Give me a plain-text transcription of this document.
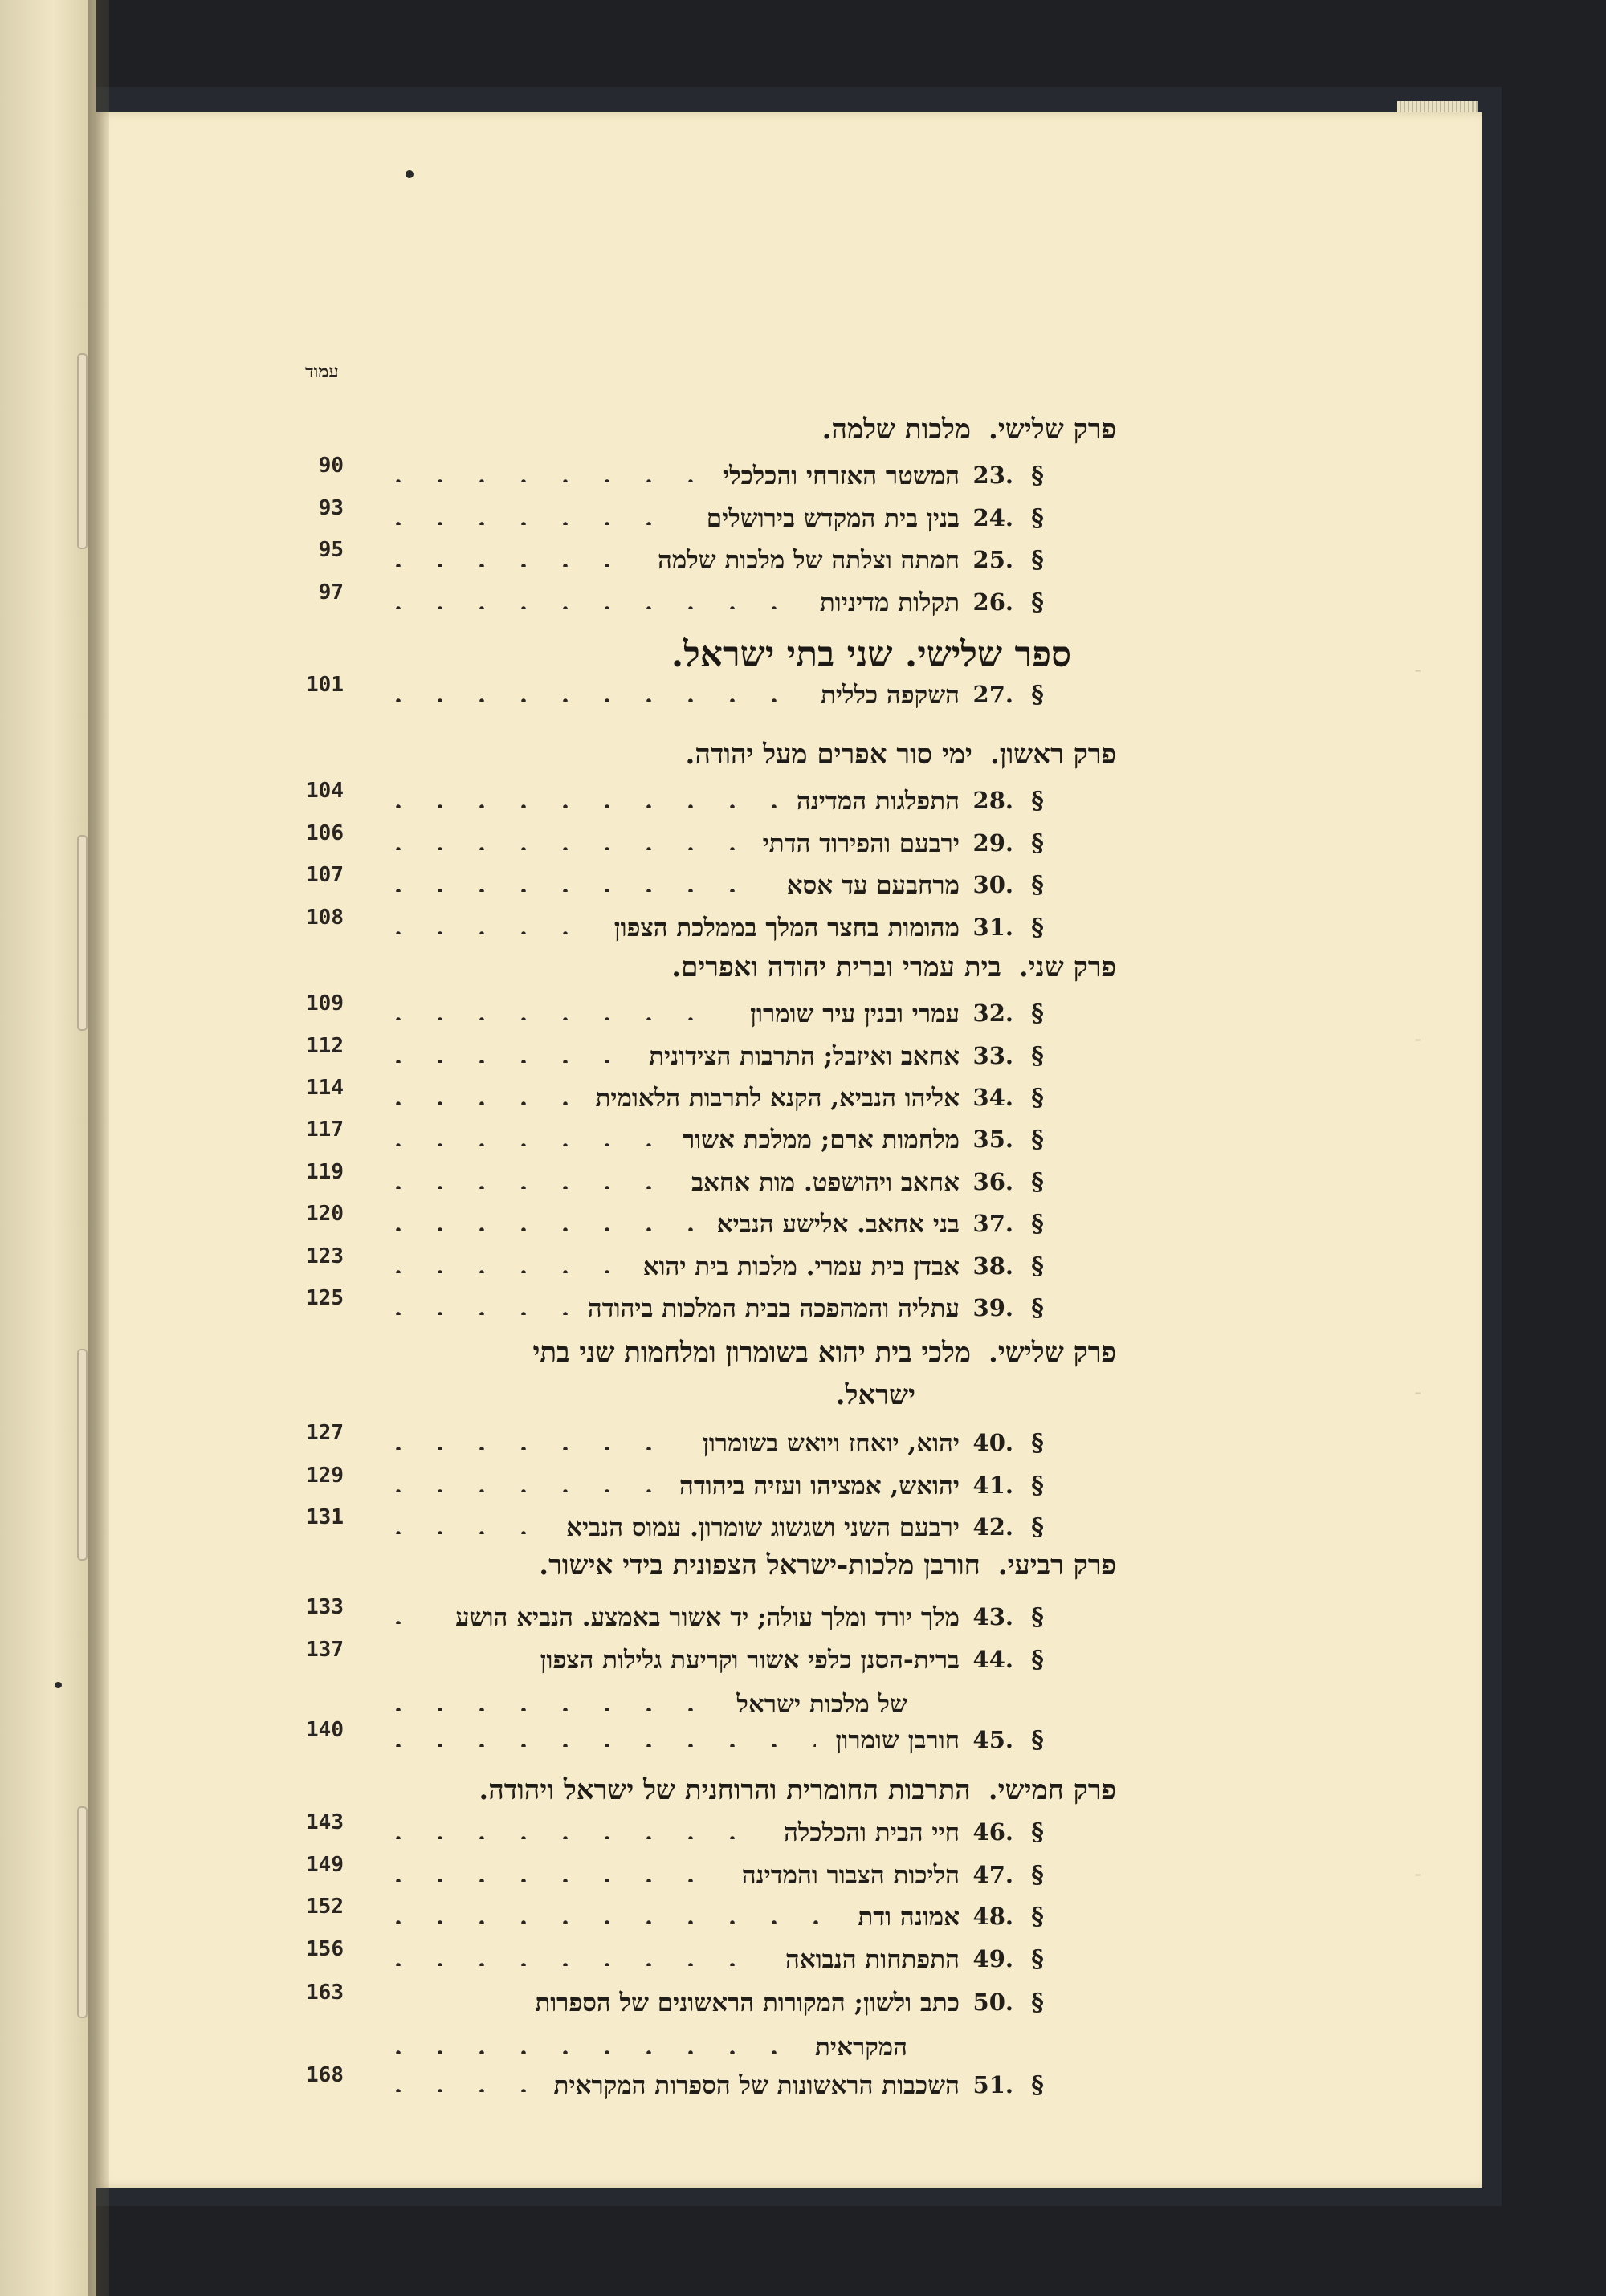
-
-
-
-
עמוד
פרק שלישי.מלכות שלמה.
פרק ראשון.ימי סור אפרים מעל יהודה.
פרק שני.בית עמרי וברית יהודה ואפרים.
פרק שלישי.מלכי בית יהוא בשומרון ומלחמות שני בתי
ישראל.
פרק רביעי.חורבן מלכות-ישראל הצפונית בידי אישור.
פרק חמישי.התרבות החומרית והרוחנית של ישראל ויהודה.
ספר שלישי. שני בתי ישראל.
§
23.
המשטר האזרחי והכלכלי
90
§
24.
בנין בית המקדש בירושלים
93
§
25.
חמתה וצלתה של מלכות שלמה
95
§
26.
תקלות מדיניות
97
§
27.
השקפה כללית
101
§
28.
התפלגות המדינה
104
§
29.
ירבעם והפירוד הדתי
106
§
30.
מרחבעם עד אסא
107
§
31.
מהומות בחצר המלך בממלכת הצפון
108
§
32.
עמרי ובנין עיר שומרון
109
§
33.
אחאב ואיזבל; התרבות הצידונית
112
§
34.
אליהו הנביא, הקנא לתרבות הלאומית
114
§
35.
מלחמות ארם; ממלכת אשור
117
§
36.
אחאב ויהושפט. מות אחאב
119
§
37.
בני אחאב. אלישע הנביא
120
§
38.
אבדן בית עמרי. מלכות בית יהוא
123
§
39.
עתליה והמהפכה בבית המלכות ביהודה
125
§
40.
יהוא, יואחז ויואש בשומרון
127
§
41.
יהואש, אמציהו ועזיה ביהודה
129
§
42.
ירבעם השני ושגשוג שומרון. עמוס הנביא
131
§
43.
מלך יורד ומלך עולה; יד אשור באמצע. הנביא הושע
133
§
44.
ברית-הסנן כלפי אשור וקריעת גלילות הצפון
137
של מלכות ישראל
§
45.
חורבן שומרון
140
§
46.
חיי הבית והכלכלה
143
§
47.
הליכות הצבור והמדינה
149
§
48.
אמונה ודת
152
§
49.
התפתחות הנבואה
156
§
50.
כתב ולשון; המקורות הראשונים של הספרות
163
המקראית
§
51.
השכבות הראשונות של הספרות המקראית
168
